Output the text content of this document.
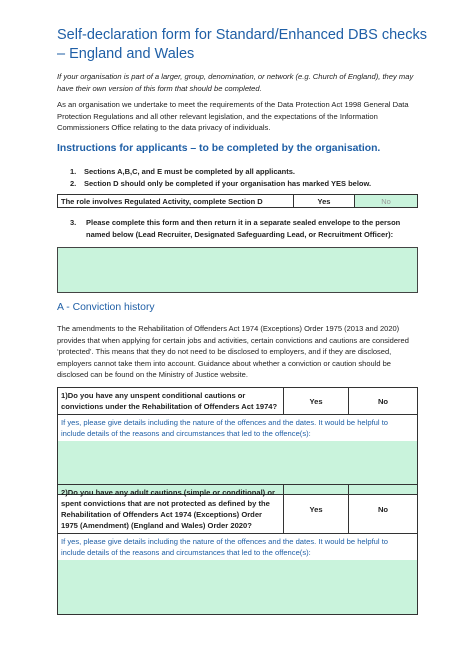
Self-declaration form for Standard/Enhanced DBS checks – England and Wales
If your organisation is part of a larger, group, denomination, or network (e.g. Church of England), they may have their own version of this form that should be completed.
As an organisation we undertake to meet the requirements of the Data Protection Act 1998 General Data Protection Regulations and all other relevant legislation, and the expectations of the Information Commissioners Office relating to the data privacy of individuals.
Instructions for applicants – to be completed by the organisation.
1. Sections A,B,C, and E must be completed by all applicants.
2. Section D should only be completed if your organisation has marked YES below.
The role involves Regulated Activity, complete Section D	Yes	No
3.	Please complete this form and then return it in a separate sealed envelope to the person named below (Lead Recruiter, Designated Safeguarding Lead, or Recruitment Officer):
A - Conviction history
The amendments to the Rehabilitation of Offenders Act 1974 (Exceptions) Order 1975 (2013 and 2020) provides that when applying for certain jobs and activities, certain convictions and cautions are considered ‘protected’. This means that they do not need to be disclosed to employers, and if they are disclosed, employers cannot take them into account. Guidance about whether a conviction or caution should be disclosed can be found on the Ministry of Justice website.
1)Do you have any unspent conditional cautions or convictions under the Rehabilitation of Offenders Act 1974?
Yes	No
If yes, please give details including the nature of the offences and the dates. It would be helpful to include details of the reasons and circumstances that led to the offence(s):
2)Do you have any adult cautions (simple or conditional) or spent convictions that are not protected as defined by the Rehabilitation of Offenders Act 1974 (Exceptions) Order 1975 (Amendment) (England and Wales) Order 2020?
Yes	No
If yes, please give details including the nature of the offences and the dates. It would be helpful to include details of the reasons and circumstances that led to the offence(s):
